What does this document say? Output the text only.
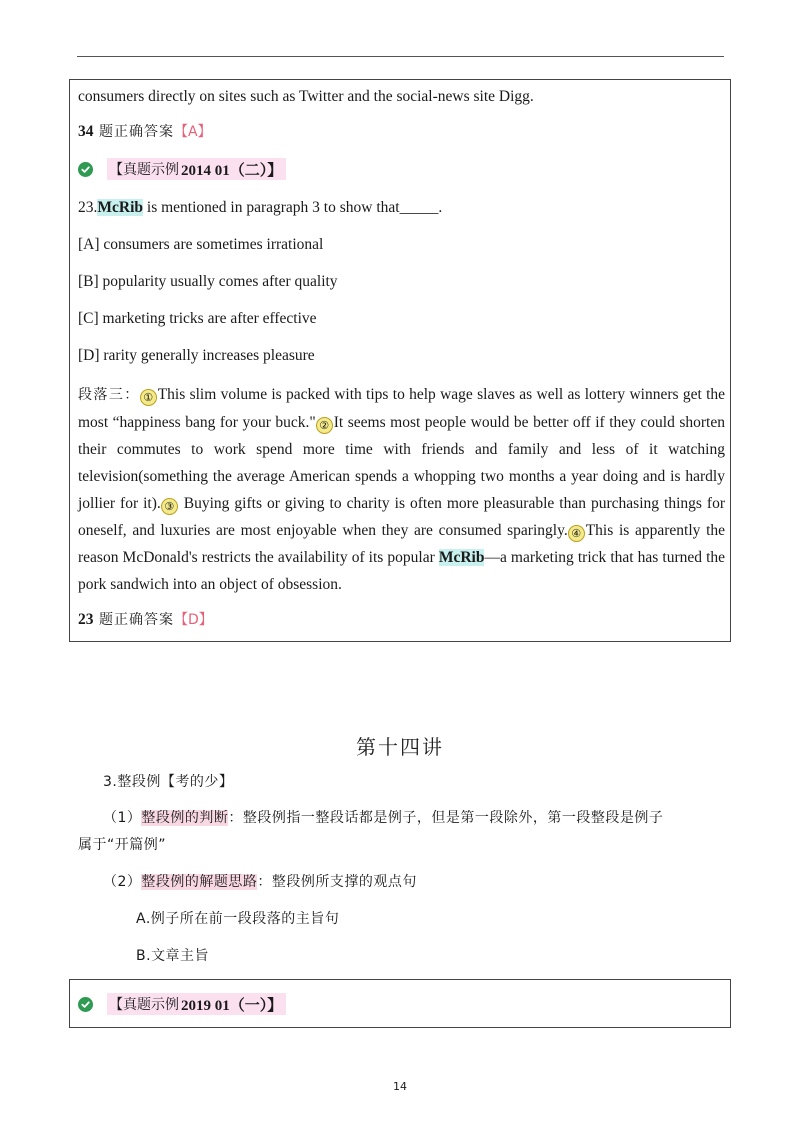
consumers directly on sites such as Twitter and the social-news site Digg.
34 题正确答案【A】
【真题示例 2014 01（二）】
23.McRib is mentioned in paragraph 3 to show that_____.
[A] consumers are sometimes irrational
[B] popularity usually comes after quality
[C] marketing tricks are after effective
[D] rarity generally increases pleasure
段落三： ① This slim volume is packed with tips to help wage slaves as well as lottery winners get the most “happiness bang for your buck." ② It seems most people would be better off if they could shorten their commutes to work spend more time with friends and family and less of it watching television(something the average American spends a whopping two months a year doing and is hardly jollier for it). ③ Buying gifts or giving to charity is often more pleasurable than purchasing things for oneself, and luxuries are most enjoyable when they are consumed sparingly. ④ This is apparently the reason McDonald's restricts the availability of its popular McRib—a marketing trick that has turned the pork sandwich into an object of obsession.
23 题正确答案【D】
第十四讲
3.整段例【考的少】
（1）整段例的判断：整段例指一整段话都是例子，但是第一段除外，第一段整段是例子
属于“开篇例”
（2）整段例的解题思路：整段例所支撑的观点句
A.例子所在前一段段落的主旨句
B.文章主旨
【真题示例 2019 01（一）】
14
